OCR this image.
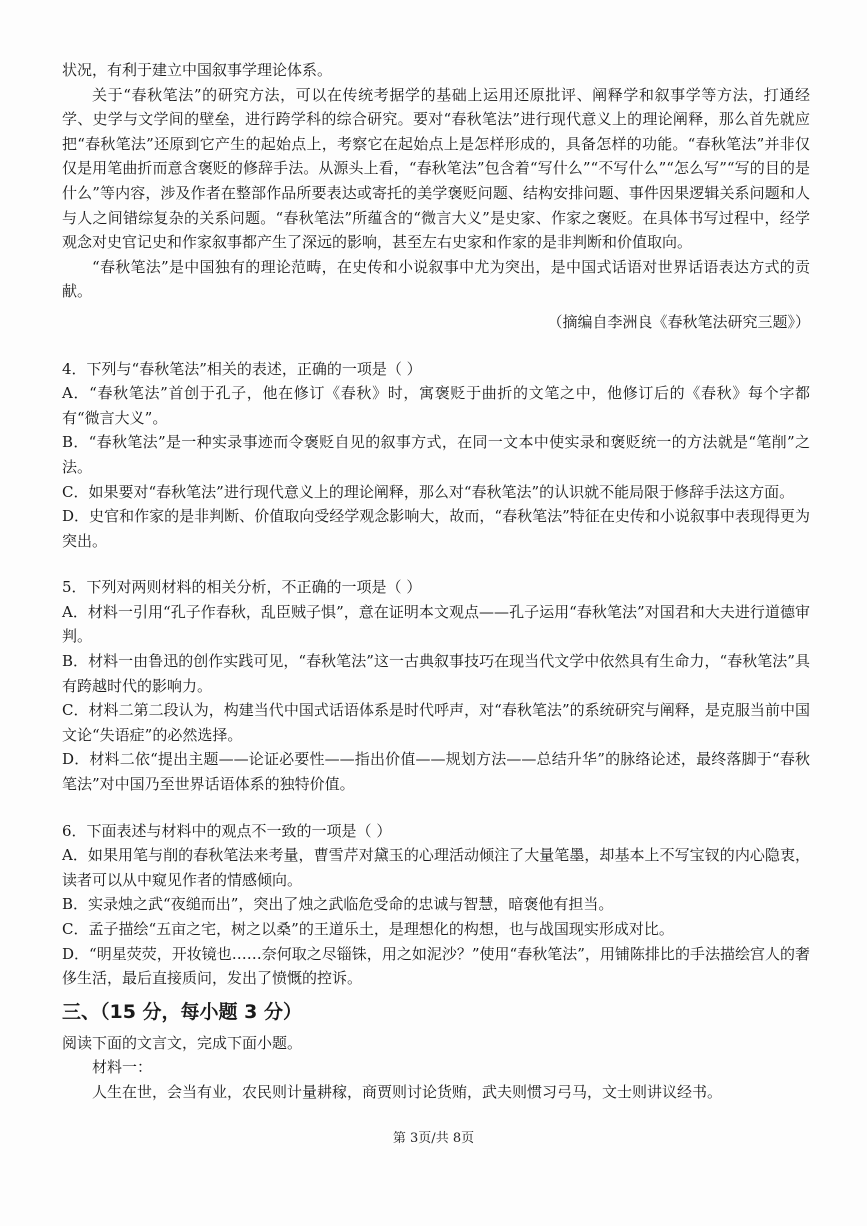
状况，有利于建立中国叙事学理论体系。

关于“春秋笔法”的研究方法，可以在传统考据学的基础上运用还原批评、阐释学和叙事学等方法，打通经学、史学与文学间的壁垒，进行跨学科的综合研究。要对“春秋笔法”进行现代意义上的理论阐释，那么首先就应把“春秋笔法”还原到它产生的起始点上，考察它在起始点上是怎样形成的，具备怎样的功能。“春秋笔法”并非仅仅是用笔曲折而意含褒贬的修辞手法。从源头上看，“春秋笔法”包含着“写什么”“不写什么”“怎么写”“写的目的是什么”等内容，涉及作者在整部作品所要表达或寄托的美学褒贬问题、结构安排问题、事件因果逻辑关系问题和人与人之间错综复杂的关系问题。“春秋笔法”所蕴含的“微言大义”是史家、作家之褒贬。在具体书写过程中，经学观念对史官记史和作家叙事都产生了深远的影响，甚至左右史家和作家的是非判断和价值取向。

“春秋笔法”是中国独有的理论范畴，在史传和小说叙事中尤为突出，是中国式话语对世界话语表达方式的贡献。

（摘编自李洲良《春秋笔法研究三题》）

4．下列与“春秋笔法”相关的表述，正确的一项是（ ）

A．“春秋笔法”首创于孔子，他在修订《春秋》时，寓褒贬于曲折的文笔之中，他修订后的《春秋》每个字都有“微言大义”。

B．“春秋笔法”是一种实录事迹而令褒贬自见的叙事方式，在同一文本中使实录和褒贬统一的方法就是“笔削”之法。

C．如果要对“春秋笔法”进行现代意义上的理论阐释，那么对“春秋笔法”的认识就不能局限于修辞手法这方面。

D．史官和作家的是非判断、价值取向受经学观念影响大，故而，“春秋笔法”特征在史传和小说叙事中表现得更为突出。

5．下列对两则材料的相关分析，不正确的一项是（ ）

A．材料一引用“孔子作春秋，乱臣贼子惧”，意在证明本文观点——孔子运用“春秋笔法”对国君和大夫进行道德审判。

B．材料一由鲁迅的创作实践可见，“春秋笔法”这一古典叙事技巧在现当代文学中依然具有生命力，“春秋笔法”具有跨越时代的影响力。

C．材料二第二段认为，构建当代中国式话语体系是时代呼声，对“春秋笔法”的系统研究与阐释，是克服当前中国文论“失语症”的必然选择。

D．材料二依“提出主题——论证必要性——指出价值——规划方法——总结升华”的脉络论述，最终落脚于“春秋笔法”对中国乃至世界话语体系的独特价值。

6．下面表述与材料中的观点不一致的一项是（ ）

A．如果用笔与削的春秋笔法来考量，曹雪芹对黛玉的心理活动倾注了大量笔墨，却基本上不写宝钗的内心隐衷，读者可以从中窥见作者的情感倾向。

B．实录烛之武“夜缒而出”，突出了烛之武临危受命的忠诚与智慧，暗褒他有担当。

C．孟子描绘“五亩之宅，树之以桑”的王道乐土，是理想化的构想，也与战国现实形成对比。

D．“明星荧荧，开妆镜也……奈何取之尽锱铢，用之如泥沙？”使用“春秋笔法”，用铺陈排比的手法描绘宫人的奢侈生活，最后直接质问，发出了愤慨的控诉。

三、（15 分，每小题 3 分）

阅读下面的文言文，完成下面小题。

材料一：

人生在世，会当有业，农民则计量耕稼，商贾则讨论货贿，武夫则惯习弓马，文士则讲议经书。

第 3页/共 8页
